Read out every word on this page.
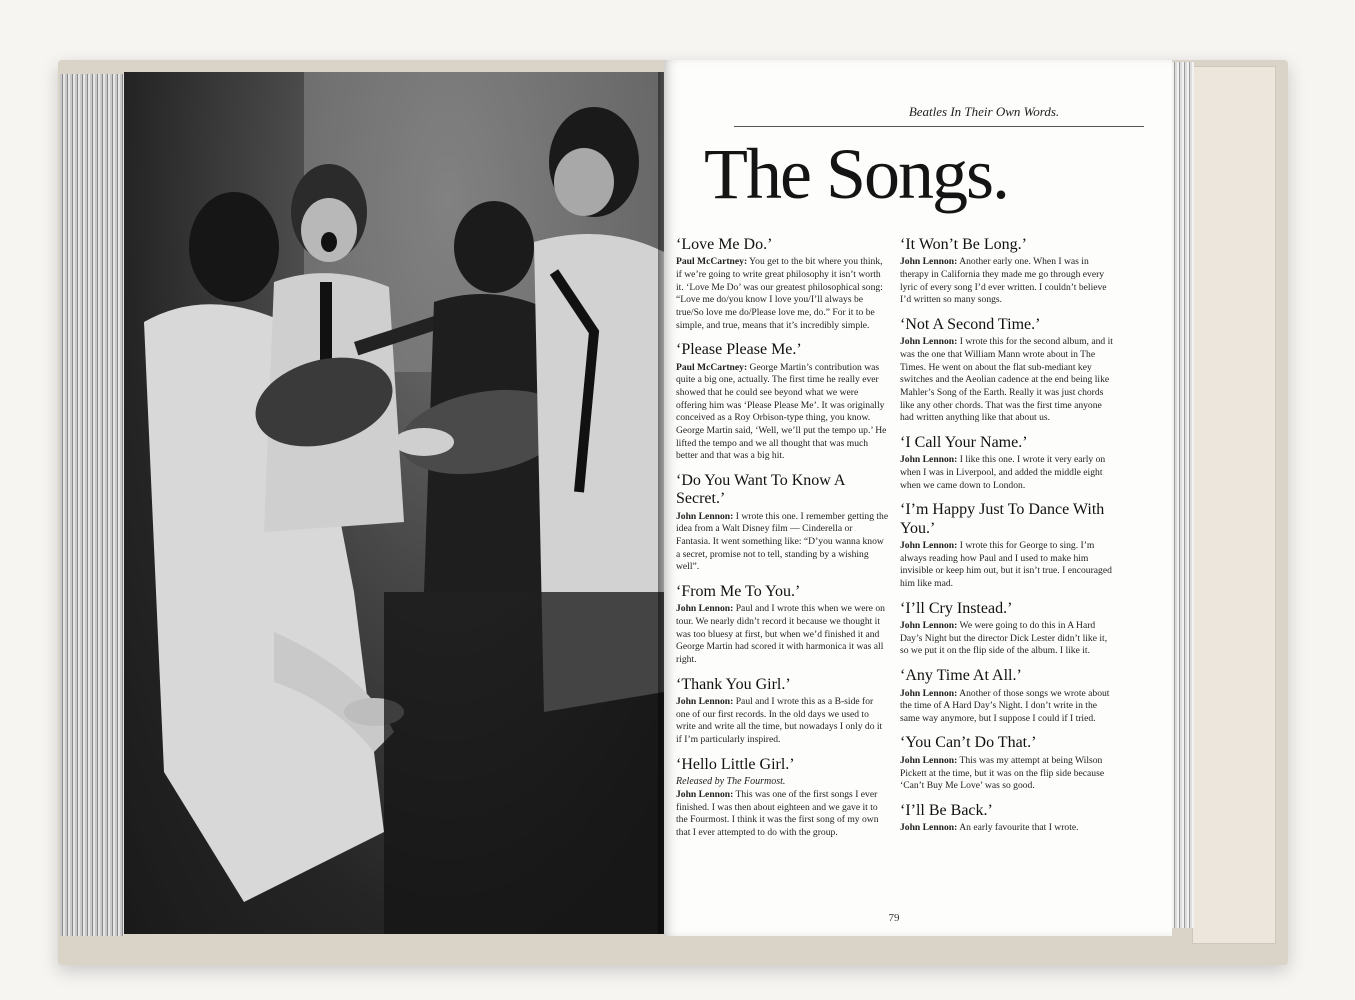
Beatles In Their Own Words.
The Songs.
‘Love Me Do.’

Paul McCartney: You get to the bit where you think, if we’re going to write great philosophy it isn’t worth it. ‘Love Me Do’ was our greatest philosophical song: “Love me do/you know I love you/I’ll always be true/So love me do/Please love me, do.” For it to be simple, and true, means that it’s incredibly simple.

‘Please Please Me.’

Paul McCartney: George Martin’s contribution was quite a big one, actually. The first time he really ever showed that he could see beyond what we were offering him was ‘Please Please Me’. It was originally conceived as a Roy Orbison-type thing, you know. George Martin said, ‘Well, we’ll put the tempo up.’ He lifted the tempo and we all thought that was much better and that was a big hit.

‘Do You Want To Know A Secret.’

John Lennon: I wrote this one. I remember getting the idea from a Walt Disney film — Cinderella or Fantasia. It went something like: “D’you wanna know a secret, promise not to tell, standing by a wishing well”.

‘From Me To You.’

John Lennon: Paul and I wrote this when we were on tour. We nearly didn’t record it because we thought it was too bluesy at first, but when we’d finished it and George Martin had scored it with harmonica it was all right.

‘Thank You Girl.’

John Lennon: Paul and I wrote this as a B-side for one of our first records. In the old days we used to write and write all the time, but nowadays I only do it if I’m particularly inspired.

‘Hello Little Girl.’
Released by The Fourmost.

John Lennon: This was one of the first songs I ever finished. I was then about eighteen and we gave it to the Fourmost. I think it was the first song of my own that I ever attempted to do with the group.

‘It Won’t Be Long.’

John Lennon: Another early one. When I was in therapy in California they made me go through every lyric of every song I’d ever written. I couldn’t believe I’d written so many songs.

‘Not A Second Time.’

John Lennon: I wrote this for the second album, and it was the one that William Mann wrote about in The Times. He went on about the flat sub-mediant key switches and the Aeolian cadence at the end being like Mahler’s Song of the Earth. Really it was just chords like any other chords. That was the first time anyone had written anything like that about us.

‘I Call Your Name.’

John Lennon: I like this one. I wrote it very early on when I was in Liverpool, and added the middle eight when we came down to London.

‘I’m Happy Just To Dance With You.’

John Lennon: I wrote this for George to sing. I’m always reading how Paul and I used to make him invisible or keep him out, but it isn’t true. I encouraged him like mad.

‘I’ll Cry Instead.’

John Lennon: We were going to do this in A Hard Day’s Night but the director Dick Lester didn’t like it, so we put it on the flip side of the album. I like it.

‘Any Time At All.’

John Lennon: Another of those songs we wrote about the time of A Hard Day’s Night. I don’t write in the same way anymore, but I suppose I could if I tried.

‘You Can’t Do That.’

John Lennon: This was my attempt at being Wilson Pickett at the time, but it was on the flip side because ‘Can’t Buy Me Love’ was so good.

‘I’ll Be Back.’

John Lennon: An early favourite that I wrote.

79
